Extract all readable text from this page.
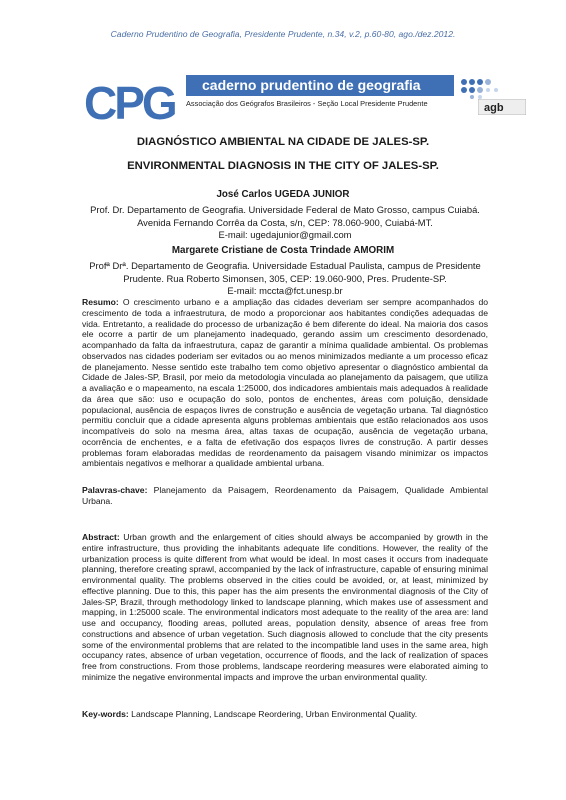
Caderno Prudentino de Geografia, Presidente Prudente, n.34, v.2, p.60-80, ago./dez.2012.
CPG	caderno prudentino de geografia
Associação dos Geógrafos Brasileiros - Seção Local Presidente Prudente	agb
DIAGNÓSTICO AMBIENTAL NA CIDADE DE JALES-SP.
ENVIRONMENTAL DIAGNOSIS IN THE CITY OF JALES-SP.
José Carlos UGEDA JUNIOR
Prof. Dr. Departamento de Geografia. Universidade Federal de Mato Grosso, campus Cuiabá. Avenida Fernando Corrêa da Costa, s/n, CEP: 78.060-900, Cuiabá-MT.
E-mail: ugedajunior@gmail.com
Margarete Cristiane de Costa Trindade AMORIM
Profª Drª. Departamento de Geografia. Universidade Estadual Paulista, campus de Presidente Prudente. Rua Roberto Simonsen, 305, CEP: 19.060-900, Pres. Prudente-SP.
E-mail: mccta@fct.unesp.br
Resumo: O crescimento urbano e a ampliação das cidades deveriam ser sempre acompanhados do crescimento de toda a infraestrutura, de modo a proporcionar aos habitantes condições adequadas de vida. Entretanto, a realidade do processo de urbanização é bem diferente do ideal. Na maioria dos casos ele ocorre a partir de um planejamento inadequado, gerando assim um crescimento desordenado, acompanhado da falta da infraestrutura, capaz de garantir a mínima qualidade ambiental. Os problemas observados nas cidades poderiam ser evitados ou ao menos minimizados mediante a um processo eficaz de planejamento. Nesse sentido este trabalho tem como objetivo apresentar o diagnóstico ambiental da Cidade de Jales-SP, Brasil, por meio da metodologia vinculada ao planejamento da paisagem, que utiliza a avaliação e o mapeamento, na escala 1:25000, dos indicadores ambientais mais adequados à realidade da área que são: uso e ocupação do solo, pontos de enchentes, áreas com poluição, densidade populacional, ausência de espaços livres de construção e ausência de vegetação urbana. Tal diagnóstico permitiu concluir que a cidade apresenta alguns problemas ambientais que estão relacionados aos usos incompatíveis do solo na mesma área, altas taxas de ocupação, ausência de vegetação urbana, ocorrência de enchentes, e a falta de efetivação dos espaços livres de construção. A partir desses problemas foram elaboradas medidas de reordenamento da paisagem visando minimizar os impactos ambientais negativos e melhorar a qualidade ambiental urbana.
Palavras-chave: Planejamento da Paisagem, Reordenamento da Paisagem, Qualidade Ambiental Urbana.
Abstract: Urban growth and the enlargement of cities should always be accompanied by growth in the entire infrastructure, thus providing the inhabitants adequate life conditions. However, the reality of the urbanization process is quite different from what would be ideal. In most cases it occurs from inadequate planning, therefore creating sprawl, accompanied by the lack of infrastructure, capable of ensuring minimal environmental quality. The problems observed in the cities could be avoided, or, at least, minimized by effective planning. Due to this, this paper has the aim presents the environmental diagnosis of the City of Jales-SP, Brazil, through methodology linked to landscape planning, which makes use of assessment and mapping, in 1:25000 scale. The environmental indicators most adequate to the reality of the area are: land use and occupancy, flooding areas, polluted areas, population density, absence of areas free from constructions and absence of urban vegetation. Such diagnosis allowed to conclude that the city presents some of the environmental problems that are related to the incompatible land uses in the same area, high occupancy rates, absence of urban vegetation, occurrence of floods, and the lack of realization of spaces free from constructions. From those problems, landscape reordering measures were elaborated aiming to minimize the negative environmental impacts and improve the urban environmental quality.
Key-words: Landscape Planning, Landscape Reordering, Urban Environmental Quality.
